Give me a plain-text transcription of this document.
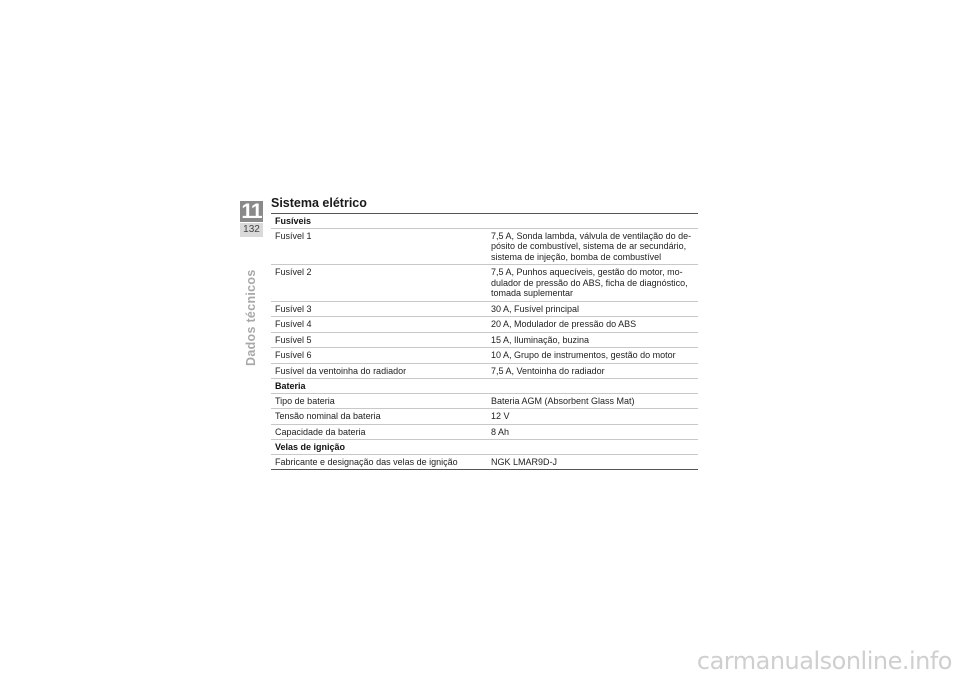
11
132
Dados técnicos
Sistema elétrico
Fusíveis	
Fusível 1	7,5 A, Sonda lambda, válvula de ventilação do de-
pósito de combustível, sistema de ar secundário,
sistema de injeção, bomba de combustível
Fusível 2	7,5 A, Punhos aquecíveis, gestão do motor, mo-
dulador de pressão do ABS, ficha de diagnóstico,
tomada suplementar
Fusível 3	30 A, Fusível principal
Fusível 4	20 A, Modulador de pressão do ABS
Fusível 5	15 A, Iluminação, buzina
Fusível 6	10 A, Grupo de instrumentos, gestão do motor
Fusível da ventoinha do radiador	7,5 A, Ventoinha do radiador
Bateria	
Tipo de bateria	Bateria AGM (Absorbent Glass Mat)
Tensão nominal da bateria	12 V
Capacidade da bateria	8 Ah
Velas de ignição	
Fabricante e designação das velas de ignição	NGK LMAR9D-J
carmanualsonline.info
